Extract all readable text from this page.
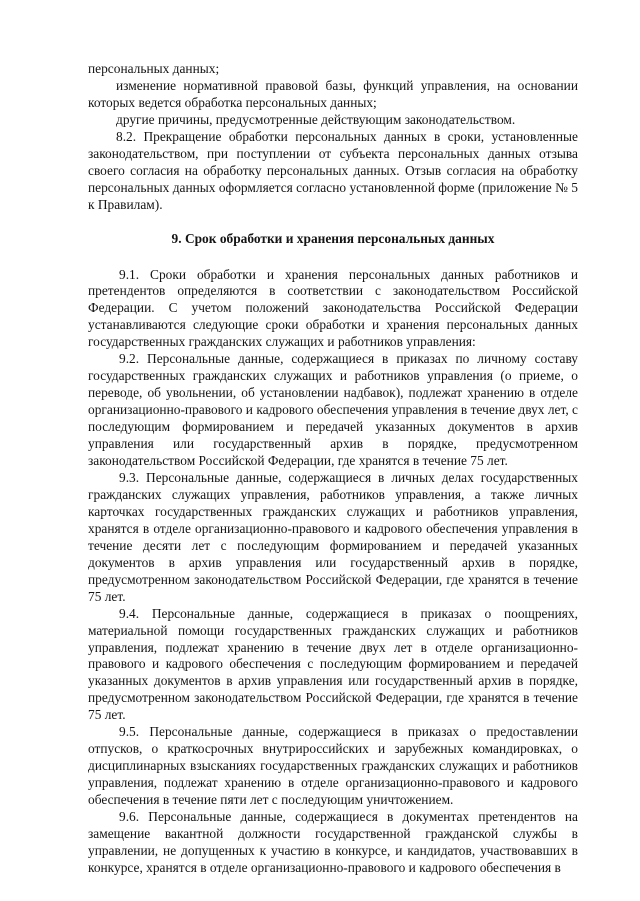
персональных данных;

изменение нормативной правовой базы, функций управления, на основании которых ведется обработка персональных данных;

другие причины, предусмотренные действующим законодательством.

8.2. Прекращение обработки персональных данных в сроки, установленные законодательством, при поступлении от субъекта персональных данных отзыва своего согласия на обработку персональных данных. Отзыв согласия на обработку персональных данных оформляется согласно установленной форме (приложение № 5 к Правилам).

9. Срок обработки и хранения персональных данных

9.1. Сроки обработки и хранения персональных данных работников и претендентов определяются в соответствии с законодательством Российской Федерации. С учетом положений законодательства Российской Федерации устанавливаются следующие сроки обработки и хранения персональных данных государственных гражданских служащих и работников управления:

9.2. Персональные данные, содержащиеся в приказах по личному составу государственных гражданских служащих и работников управления (о приеме, о переводе, об увольнении, об установлении надбавок), подлежат хранению в отделе организационно-правового и кадрового обеспечения управления в течение двух лет, с последующим формированием и передачей указанных документов в архив управления или государственный архив в порядке, предусмотренном законодательством Российской Федерации, где хранятся в течение 75 лет.

9.3. Персональные данные, содержащиеся в личных делах государственных гражданских служащих управления, работников управления, а также личных карточках государственных гражданских служащих и работников управления, хранятся в отделе организационно-правового и кадрового обеспечения управления в течение десяти лет с последующим формированием и передачей указанных документов в архив управления или государственный архив в порядке, предусмотренном законодательством Российской Федерации, где хранятся в течение 75 лет.

9.4. Персональные данные, содержащиеся в приказах о поощрениях, материальной помощи государственных гражданских служащих и работников управления, подлежат хранению в течение двух лет в отделе организационно-правового и кадрового обеспечения с последующим формированием и передачей указанных документов в архив управления или государственный архив в порядке, предусмотренном законодательством Российской Федерации, где хранятся в течение 75 лет.

9.5. Персональные данные, содержащиеся в приказах о предоставлении отпусков, о краткосрочных внутрироссийских и зарубежных командировках, о дисциплинарных взысканиях государственных гражданских служащих и работников управления, подлежат хранению в отделе организационно-правового и кадрового обеспечения в течение пяти лет с последующим уничтожением.

9.6. Персональные данные, содержащиеся в документах претендентов на замещение вакантной должности государственной гражданской службы в управлении, не допущенных к участию в конкурсе, и кандидатов, участвовавших в конкурсе, хранятся в отделе организационно-правового и кадрового обеспечения в
